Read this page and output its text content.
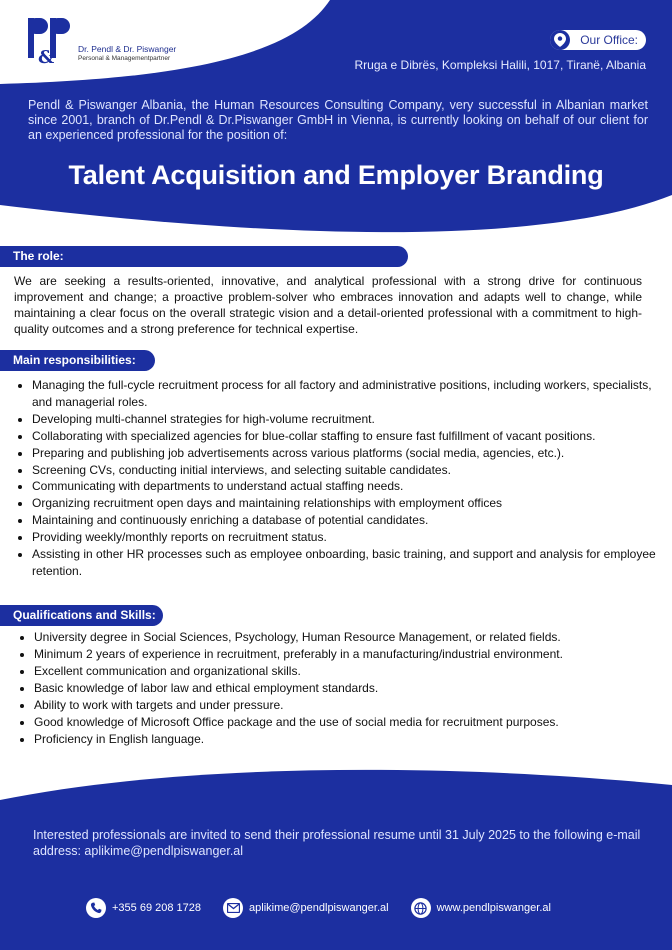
&	Dr. Pendl & Dr. Piswanger
Personal & Managementpartner
Our Office:
Rruga e Dibrës, Kompleksi Halili, 1017, Tiranë, Albania
Pendl & Piswanger Albania, the Human Resources Consulting Company, very successful in Albanian market since 2001, branch of Dr.Pendl & Dr.Piswanger GmbH in Vienna, is currently looking on behalf of our client for an experienced professional for the position of:
Talent Acquisition and Employer Branding
The role:
We are seeking a results-oriented, innovative, and analytical professional with a strong drive for continuous improvement and change; a proactive problem-solver who embraces innovation and adapts well to change, while maintaining a clear focus on the overall strategic vision and a detail-oriented professional with a commitment to high-quality outcomes and a strong preference for technical expertise.
Main responsibilities:
• Managing the full-cycle recruitment process for all factory and administrative positions, including workers, specialists, and managerial roles.
• Developing multi-channel strategies for high-volume recruitment.
• Collaborating with specialized agencies for blue-collar staffing to ensure fast fulfillment of vacant positions.
• Preparing and publishing job advertisements across various platforms (social media, agencies, etc.).
• Screening CVs, conducting initial interviews, and selecting suitable candidates.
• Communicating with departments to understand actual staffing needs.
• Organizing recruitment open days and maintaining relationships with employment offices
• Maintaining and continuously enriching a database of potential candidates.
• Providing weekly/monthly reports on recruitment status.
• Assisting in other HR processes such as employee onboarding, basic training, and support and analysis for employee retention.
Qualifications and Skills:
• University degree in Social Sciences, Psychology, Human Resource Management, or related fields.
• Minimum 2 years of experience in recruitment, preferably in a manufacturing/industrial environment.
• Excellent communication and organizational skills.
• Basic knowledge of labor law and ethical employment standards.
• Ability to work with targets and under pressure.
• Good knowledge of Microsoft Office package and the use of social media for recruitment purposes.
• Proficiency in English language.
Interested professionals are invited to send their professional resume until 31 July 2025 to the following e-mail address: aplikime@pendlpiswanger.al
+355 69 208 1728	aplikime@pendlpiswanger.al	www.pendlpiswanger.al
